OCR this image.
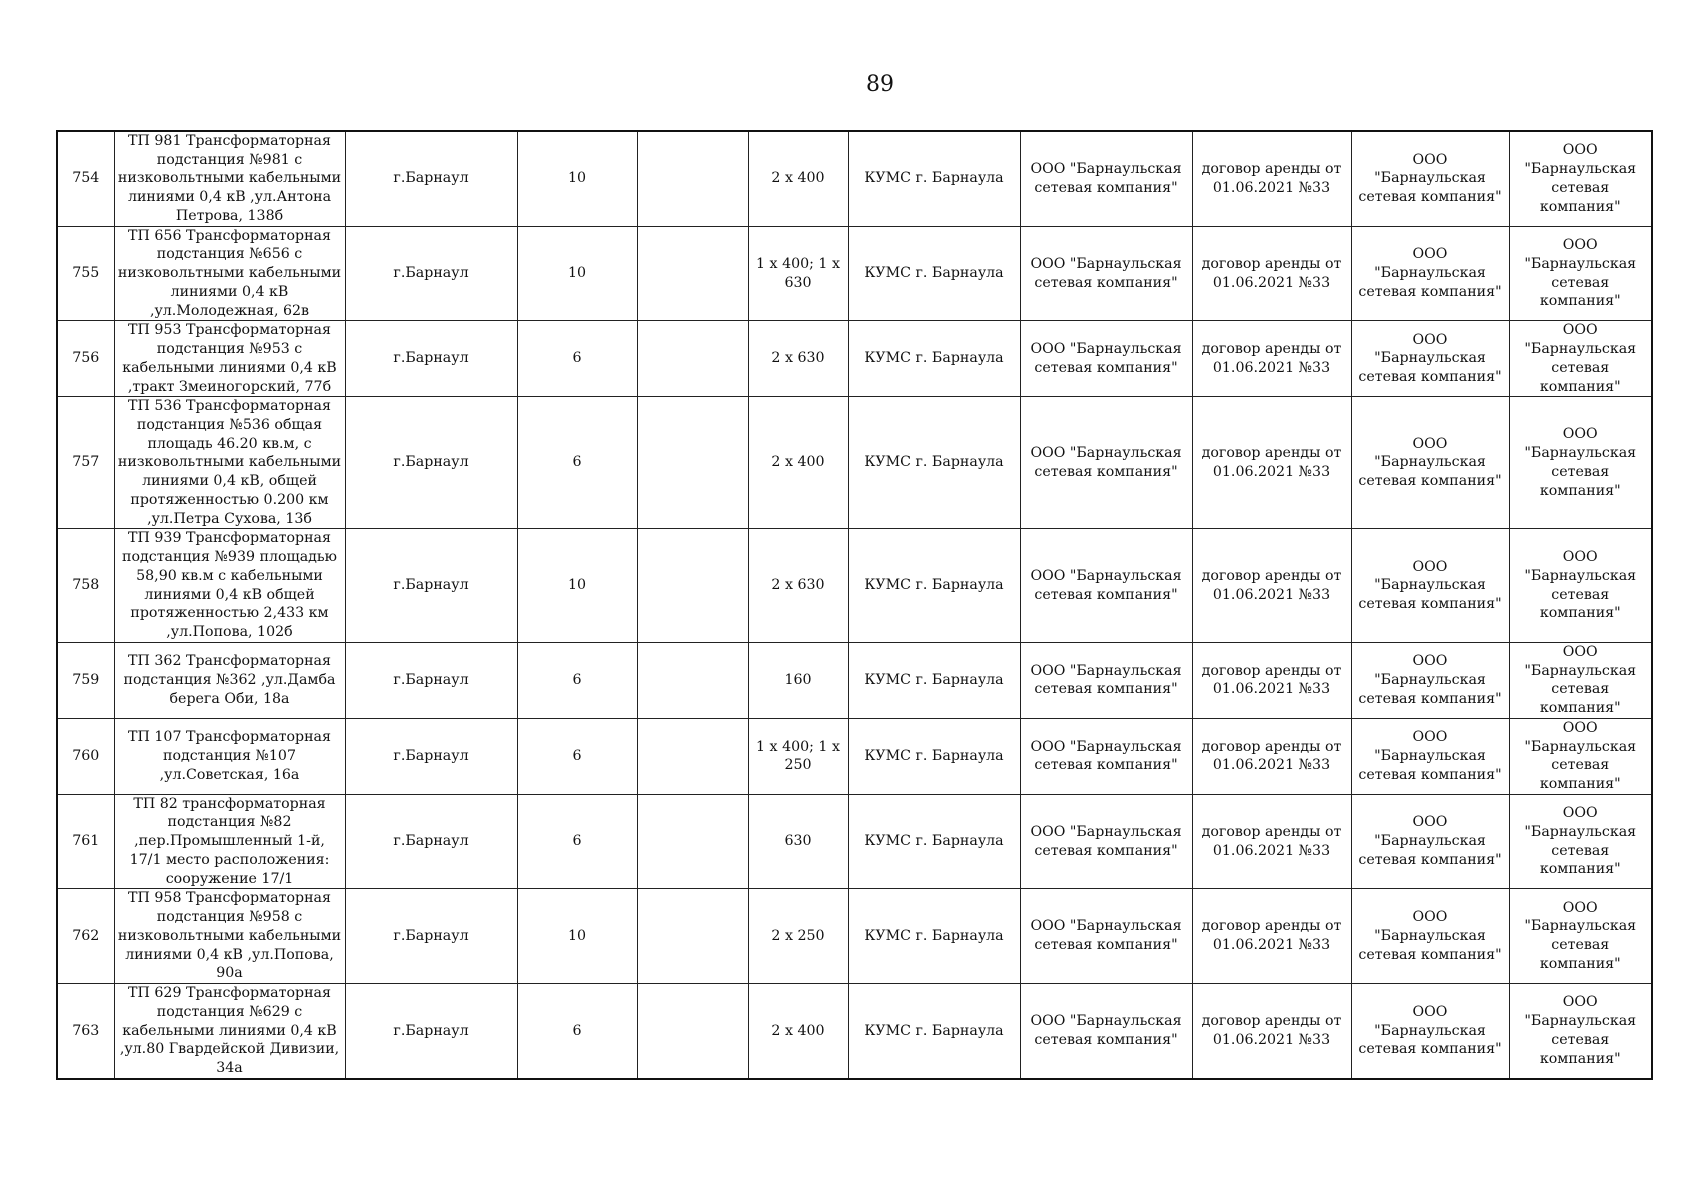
89
754	ТП 981 Трансформаторная подстанция №981 с низковольтными кабельными линиями 0,4 кВ ,ул.Антона Петрова, 138б	г.Барнаул	10		2 x 400	КУМС г. Барнаула	ООО "Барнаульская сетевая компания"	договор аренды от 01.06.2021 №33	ООО "Барнаульская сетевая компания"	ООО "Барнаульская сетевая компания"
755	ТП 656 Трансформаторная подстанция №656 с низковольтными кабельными линиями 0,4 кВ ,ул.Молодежная, 62в	г.Барнаул	10		1 x 400; 1 x 630	КУМС г. Барнаула	ООО "Барнаульская сетевая компания"	договор аренды от 01.06.2021 №33	ООО "Барнаульская сетевая компания"	ООО "Барнаульская сетевая компания"
756	ТП 953 Трансформаторная подстанция №953 с кабельными линиями 0,4 кВ ,тракт Змеиногорский, 77б	г.Барнаул	6		2 x 630	КУМС г. Барнаула	ООО "Барнаульская сетевая компания"	договор аренды от 01.06.2021 №33	ООО "Барнаульская сетевая компания"	ООО "Барнаульская сетевая компания"
757	ТП 536 Трансформаторная подстанция №536 общая площадь 46.20 кв.м, с низковольтными кабельными линиями 0,4 кВ, общей протяженностью 0.200 км ,ул.Петра Сухова, 13б	г.Барнаул	6		2 x 400	КУМС г. Барнаула	ООО "Барнаульская сетевая компания"	договор аренды от 01.06.2021 №33	ООО "Барнаульская сетевая компания"	ООО "Барнаульская сетевая компания"
758	ТП 939 Трансформаторная подстанция №939 площадью 58,90 кв.м с кабельными линиями 0,4 кВ общей протяженностью 2,433 км ,ул.Попова, 102б	г.Барнаул	10		2 x 630	КУМС г. Барнаула	ООО "Барнаульская сетевая компания"	договор аренды от 01.06.2021 №33	ООО "Барнаульская сетевая компания"	ООО "Барнаульская сетевая компания"
759	ТП 362 Трансформаторная подстанция №362 ,ул.Дамба берега Оби, 18а	г.Барнаул	6		160	КУМС г. Барнаула	ООО "Барнаульская сетевая компания"	договор аренды от 01.06.2021 №33	ООО "Барнаульская сетевая компания"	ООО "Барнаульская сетевая компания"
760	ТП 107 Трансформаторная подстанция №107 ,ул.Советская, 16а	г.Барнаул	6		1 x 400; 1 x 250	КУМС г. Барнаула	ООО "Барнаульская сетевая компания"	договор аренды от 01.06.2021 №33	ООО "Барнаульская сетевая компания"	ООО "Барнаульская сетевая компания"
761	ТП 82 трансформаторная подстанция №82 ,пер.Промышленный 1-й, 17/1 место расположения: сооружение 17/1	г.Барнаул	6		630	КУМС г. Барнаула	ООО "Барнаульская сетевая компания"	договор аренды от 01.06.2021 №33	ООО "Барнаульская сетевая компания"	ООО "Барнаульская сетевая компания"
762	ТП 958 Трансформаторная подстанция №958 с низковольтными кабельными линиями 0,4 кВ ,ул.Попова, 90а	г.Барнаул	10		2 x 250	КУМС г. Барнаула	ООО "Барнаульская сетевая компания"	договор аренды от 01.06.2021 №33	ООО "Барнаульская сетевая компания"	ООО "Барнаульская сетевая компания"
763	ТП 629 Трансформаторная подстанция №629 с кабельными линиями 0,4 кВ ,ул.80 Гвардейской Дивизии, 34а	г.Барнаул	6		2 x 400	КУМС г. Барнаула	ООО "Барнаульская сетевая компания"	договор аренды от 01.06.2021 №33	ООО "Барнаульская сетевая компания"	ООО "Барнаульская сетевая компания"
